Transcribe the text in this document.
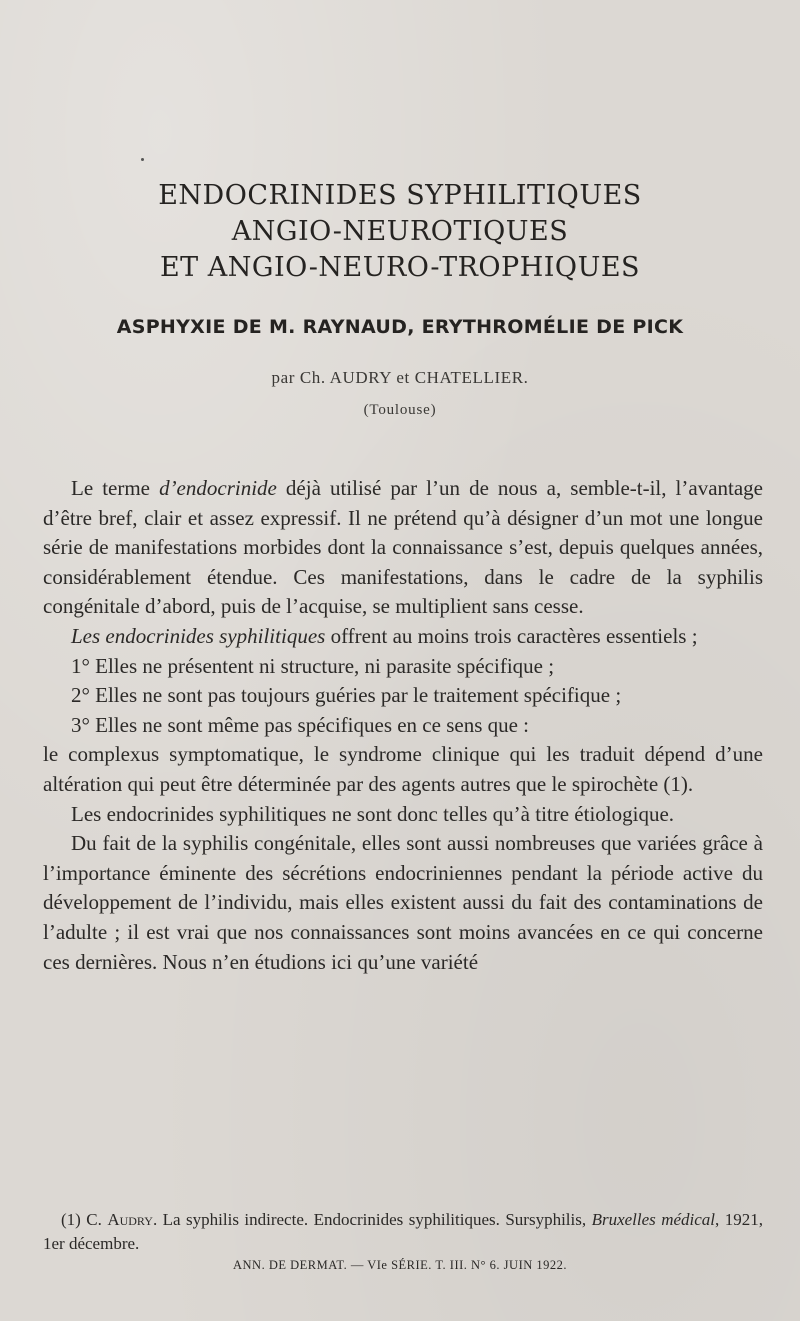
ENDOCRINIDES SYPHILITIQUES
ANGIO-NEUROTIQUES
ET ANGIO-NEURO-TROPHIQUES
ASPHYXIE DE M. RAYNAUD, ERYTHROMÉLIE DE PICK
par Ch. AUDRY et CHATELLIER.
(Toulouse)

Le terme d’endocrinide déjà utilisé par l’un de nous a, semble-t-il, l’avantage d’être bref, clair et assez expressif. Il ne prétend qu’à désigner d’un mot une longue série de manifestations morbides dont la connaissance s’est, depuis quelques années, considérablement étendue. Ces manifestations, dans le cadre de la syphilis congénitale d’abord, puis de l’acquise, se multiplient sans cesse.

Les endocrinides syphilitiques offrent au moins trois caractères essentiels ;

1° Elles ne présentent ni structure, ni parasite spécifique ;

2° Elles ne sont pas toujours guéries par le traitement spécifique ;

3° Elles ne sont même pas spécifiques en ce sens que :

le complexus symptomatique, le syndrome clinique qui les traduit dépend d’une altération qui peut être déterminée par des agents autres que le spirochète (1).

Les endocrinides syphilitiques ne sont donc telles qu’à titre étiologique.

Du fait de la syphilis congénitale, elles sont aussi nombreuses que variées grâce à l’importance éminente des sécrétions endocriniennes pendant la période active du développement de l’individu, mais elles existent aussi du fait des contaminations de l’adulte ; il est vrai que nos connaissances sont moins avancées en ce qui concerne ces dernières. Nous n’en étudions ici qu’une variété

(1) C. Audry. La syphilis indirecte. Endocrinides syphilitiques. Sursyphilis, Bruxelles médical, 1921, 1er décembre.

ANN. DE DERMAT. — VIe SÉRIE. T. III. N° 6. JUIN 1922.
